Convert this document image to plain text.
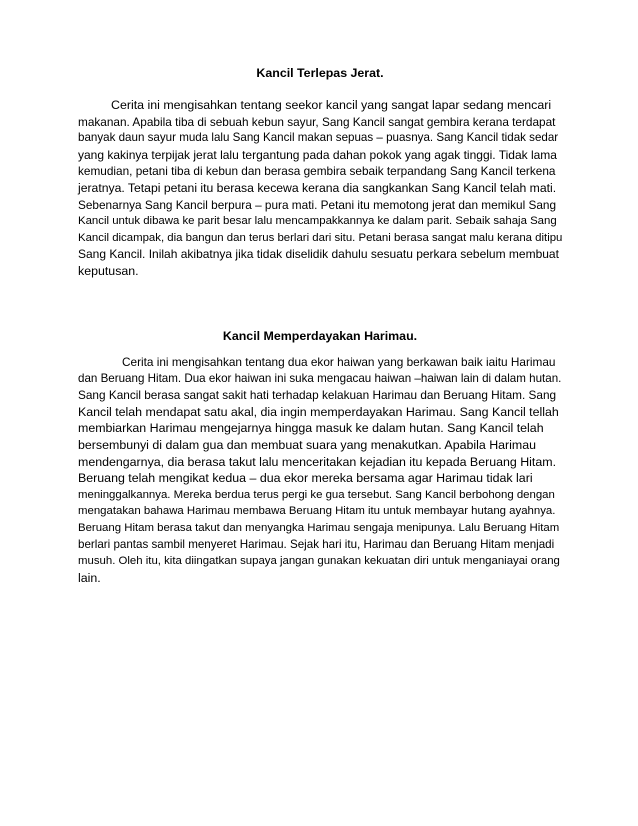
Kancil Terlepas Jerat.

Cerita ini mengisahkan tentang seekor kancil yang sangat lapar sedang mencari

makanan. Apabila tiba di sebuah kebun sayur, Sang Kancil sangat gembira kerana terdapat

banyak daun sayur muda lalu Sang Kancil makan sepuas – puasnya. Sang Kancil tidak sedar

yang kakinya terpijak jerat lalu tergantung pada dahan pokok yang agak tinggi. Tidak lama

kemudian, petani tiba di kebun dan berasa gembira sebaik terpandang Sang Kancil terkena

jeratnya. Tetapi petani itu berasa kecewa kerana dia sangkankan Sang Kancil telah mati.

Sebenarnya Sang Kancil berpura – pura mati. Petani itu memotong jerat dan memikul Sang

Kancil untuk dibawa ke parit besar lalu mencampakkannya ke dalam parit. Sebaik sahaja Sang

Kancil dicampak, dia bangun dan terus berlari dari situ. Petani berasa sangat malu kerana ditipu

Sang Kancil. Inilah akibatnya jika tidak diselidik dahulu sesuatu perkara sebelum membuat

keputusan.

Kancil Memperdayakan Harimau.

Cerita ini mengisahkan tentang dua ekor haiwan yang berkawan baik iaitu Harimau

dan Beruang Hitam. Dua ekor haiwan ini suka mengacau haiwan –haiwan lain di dalam hutan.

Sang Kancil berasa sangat sakit hati terhadap kelakuan Harimau dan Beruang Hitam. Sang

Kancil telah mendapat satu akal, dia ingin memperdayakan Harimau. Sang Kancil tellah

membiarkan Harimau mengejarnya hingga masuk ke dalam hutan. Sang Kancil telah

bersembunyi di dalam gua dan membuat suara yang menakutkan. Apabila Harimau

mendengarnya, dia berasa takut lalu menceritakan kejadian itu kepada Beruang Hitam.

Beruang telah mengikat kedua – dua ekor mereka bersama agar Harimau tidak lari

meninggalkannya. Mereka berdua terus pergi ke gua tersebut. Sang Kancil berbohong dengan

mengatakan bahawa Harimau membawa Beruang Hitam itu untuk membayar hutang ayahnya.

Beruang Hitam berasa takut dan menyangka Harimau sengaja menipunya. Lalu Beruang Hitam

berlari pantas sambil menyeret Harimau. Sejak hari itu, Harimau dan Beruang Hitam menjadi

musuh. Oleh itu, kita diingatkan supaya jangan gunakan kekuatan diri untuk menganiayai orang

lain.
